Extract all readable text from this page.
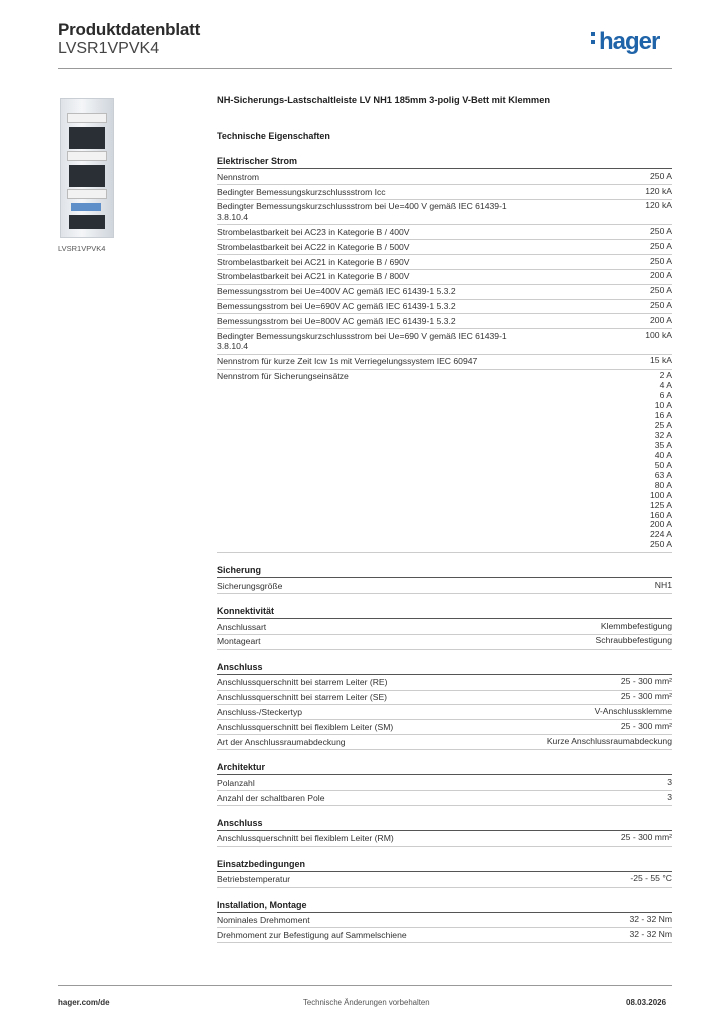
Produktdatenblatt
LVSR1VPVK4	hager
LVSR1VPVK4
NH-Sicherungs-Lastschaltleiste LV NH1 185mm 3-polig V-Bett mit Klemmen
Technische Eigenschaften
Elektrischer Strom
Nennstrom	250 A
Bedingter Bemessungskurzschlussstrom Icc	120 kA
Bedingter Bemessungskurzschlussstrom bei Ue=400 V gemäß IEC 61439-1 3.8.10.4
120 kA
Strombelastbarkeit bei AC23 in Kategorie B / 400V	250 A
Strombelastbarkeit bei AC22 in Kategorie B / 500V	250 A
Strombelastbarkeit bei AC21 in Kategorie B / 690V	250 A
Strombelastbarkeit bei AC21 in Kategorie B / 800V	200 A
Bemessungsstrom bei Ue=400V AC gemäß IEC 61439-1 5.3.2	250 A
Bemessungsstrom bei Ue=690V AC gemäß IEC 61439-1 5.3.2	250 A
Bemessungsstrom bei Ue=800V AC gemäß IEC 61439-1 5.3.2	200 A
Bedingter Bemessungskurzschlussstrom bei Ue=690 V gemäß IEC 61439-1 3.8.10.4
100 kA
Nennstrom für kurze Zeit Icw 1s mit Verriegelungssystem IEC 60947	15 kA
Nennstrom für Sicherungseinsätze	2 A
4 A
6 A
10 A
16 A
25 A
32 A
35 A
40 A
50 A
63 A
80 A
100 A
125 A
160 A
200 A
224 A
250 A
Sicherung
Sicherungsgröße	NH1
Konnektivität
Anschlussart	Klemmbefestigung
Montageart	Schraubbefestigung
Anschluss
Anschlussquerschnitt bei starrem Leiter (RE)	25 - 300 mm²
Anschlussquerschnitt bei starrem Leiter (SE)	25 - 300 mm²
Anschluss-/Steckertyp	V-Anschlussklemme
Anschlussquerschnitt bei flexiblem Leiter (SM)	25 - 300 mm²
Art der Anschlussraumabdeckung	Kurze Anschlussraumabdeckung
Architektur
Polanzahl	3
Anzahl der schaltbaren Pole	3
Anschluss
Anschlussquerschnitt bei flexiblem Leiter (RM)	25 - 300 mm²
Einsatzbedingungen
Betriebstemperatur	-25 - 55 °C
Installation, Montage
Nominales Drehmoment	32 - 32 Nm
Drehmoment zur Befestigung auf Sammelschiene	32 - 32 Nm
hager.com/de	Technische Änderungen vorbehalten	08.03.2026
